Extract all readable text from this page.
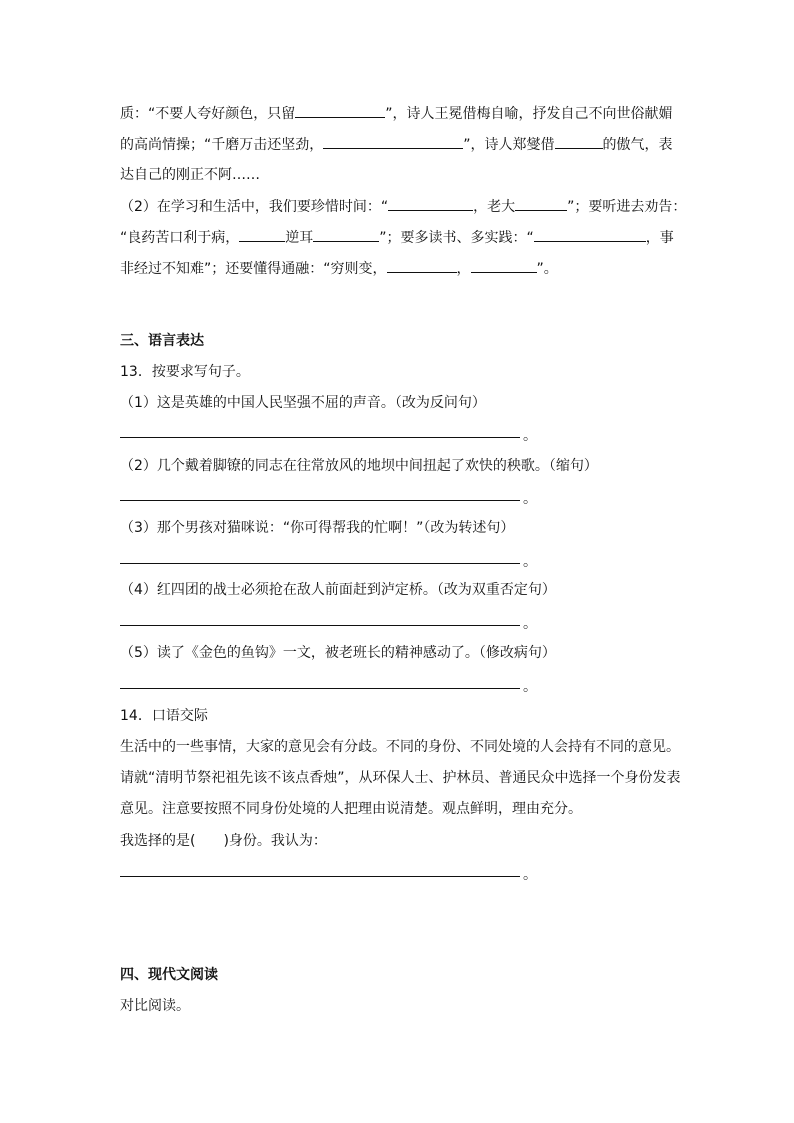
质：“不要人夸好颜色，只留	”，诗人王冕借梅自喻，抒发自己不向世俗献媚
的高尚情操；“千磨万击还坚劲，	”，诗人郑燮借	的傲气，表
达自己的刚正不阿……
（2）在学习和生活中，我们要珍惜时间：“	，老大	”；要听进去劝告：
“良药苦口利于病，	逆耳	”；要多读书、多实践：“	，事
非经过不知难”；还要懂得通融：“穷则变，	，	”。
三、语言表达
13．按要求写句子。
（1）这是英雄的中国人民坚强不屈的声音。（改为反问句）
。
（2）几个戴着脚镣的同志在往常放风的地坝中间扭起了欢快的秧歌。（缩句）
。
（3）那个男孩对猫咪说：“你可得帮我的忙啊！”（改为转述句）
。
（4）红四团的战士必须抢在敌人前面赶到泸定桥。（改为双重否定句）
。
（5）读了《金色的鱼钩》一文，被老班长的精神感动了。（修改病句）
。
14．口语交际
生活中的一些事情，大家的意见会有分歧。不同的身份、不同处境的人会持有不同的意见。
请就“清明节祭祀祖先该不该点香烛”，从环保人士、护林员、普通民众中选择一个身份发表
意见。注意要按照不同身份处境的人把理由说清楚。观点鲜明，理由充分。
我选择的是( )身份。我认为：
。
四、现代文阅读
对比阅读。
